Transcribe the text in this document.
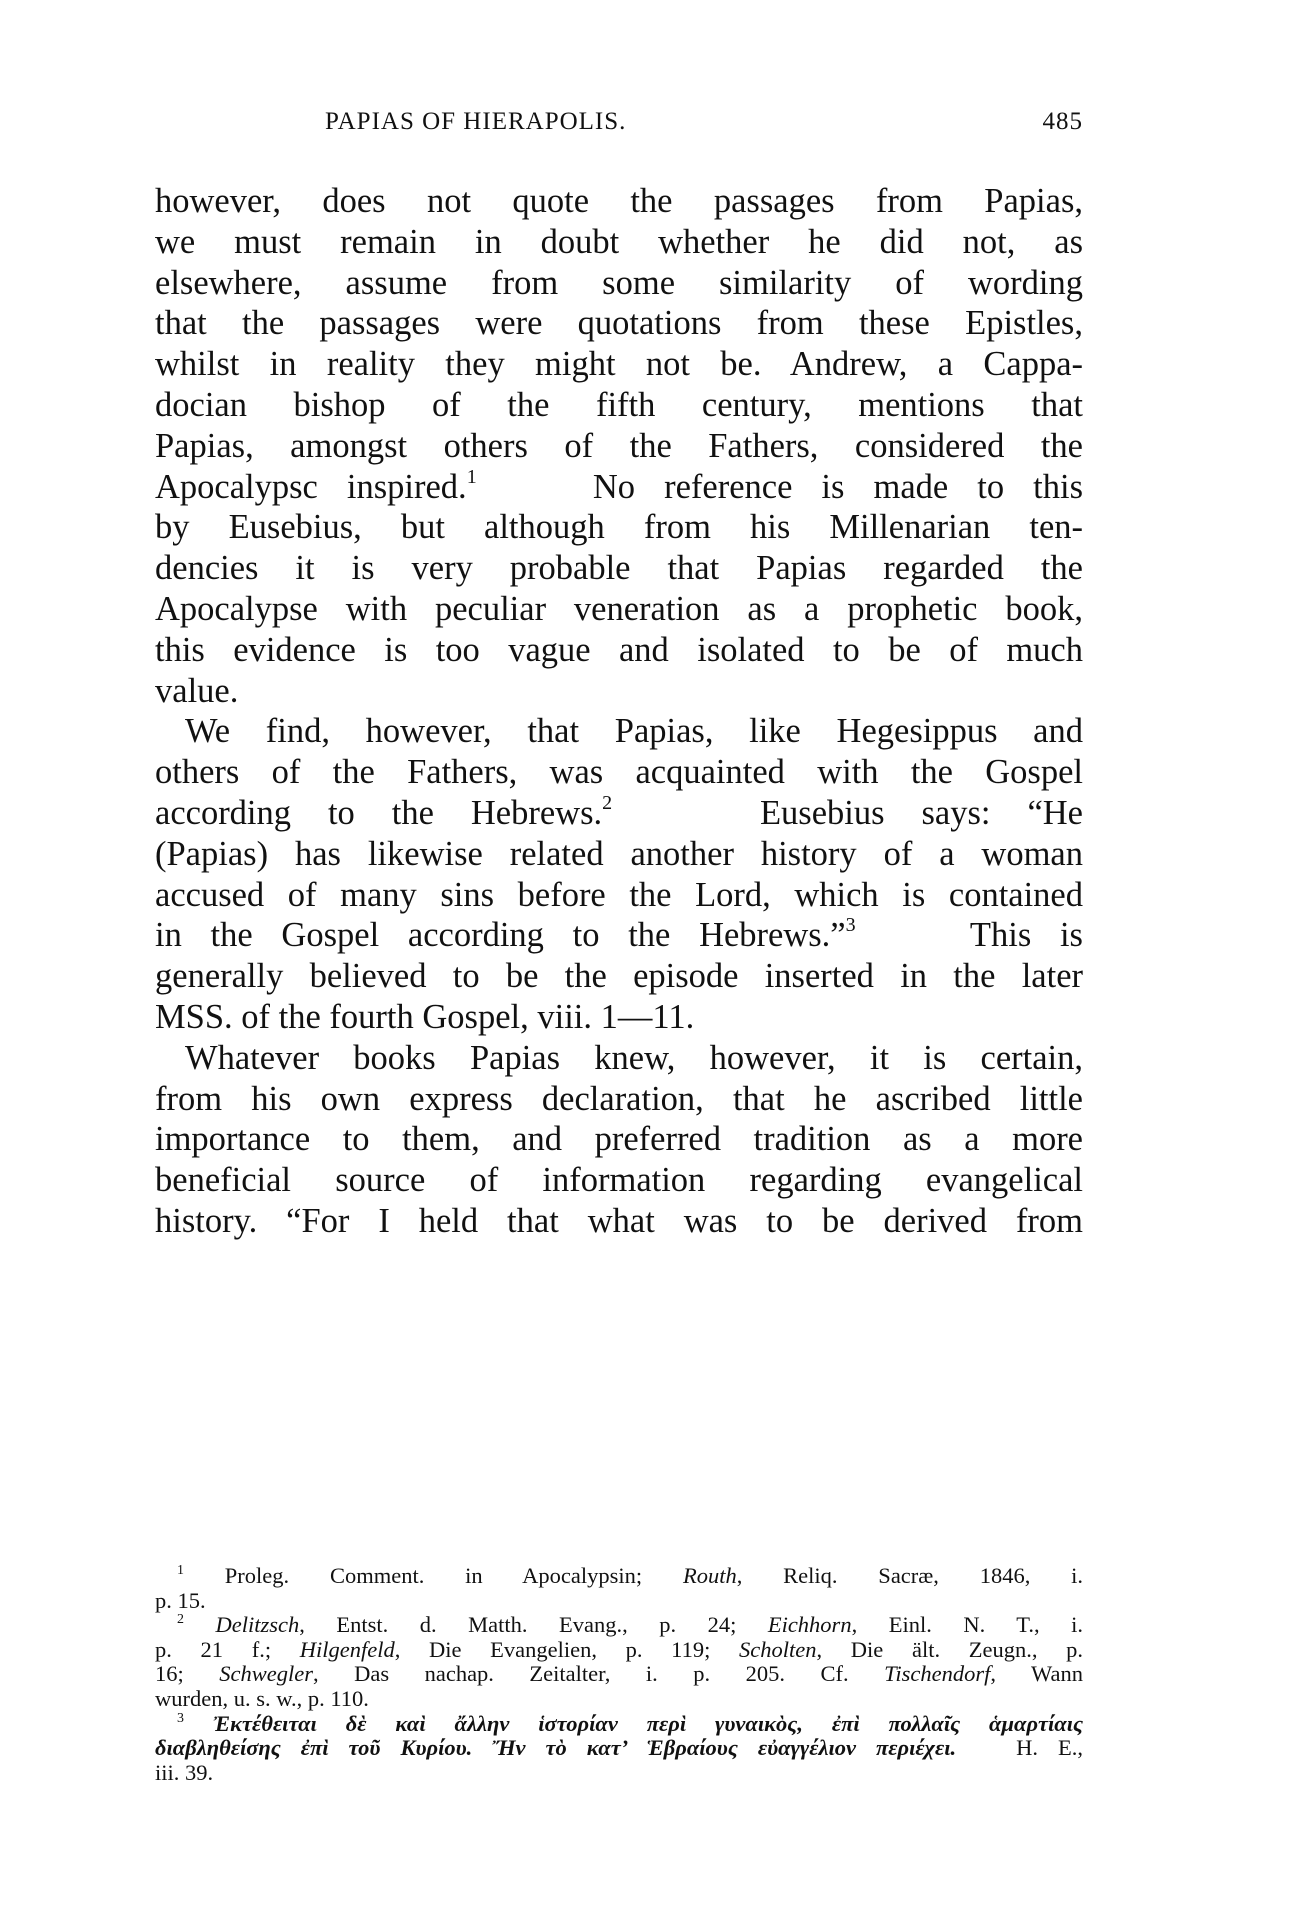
PAPIAS OF HIERAPOLIS.	485
however, does not quote the passages from Papias,
we must remain in doubt whether he did not, as
elsewhere, assume from some similarity of wording
that the passages were quotations from these Epistles,
whilst in reality they might not be. Andrew, a Cappa-
docian bishop of the fifth century, mentions that
Papias, amongst others of the Fathers, considered the
Apocalypsc inspired.$^1$	No reference is made to this
by Eusebius, but although from his Millenarian ten-
dencies it is very probable that Papias regarded the
Apocalypse with peculiar veneration as a prophetic book,
this evidence is too vague and isolated to be of much
value.
We find, however, that Papias, like Hegesippus and
others of the Fathers, was acquainted with the Gospel
according to the Hebrews.$^2$	Eusebius says: “He
(Papias) has likewise related another history of a woman
accused of many sins before the Lord, which is contained
in the Gospel according to the Hebrews.”$^3$	This is
generally believed to be the episode inserted in the later
MSS. of the fourth Gospel, viii. 1—11.
Whatever books Papias knew, however, it is certain,
from his own express declaration, that he ascribed little
importance to them, and preferred tradition as a more
beneficial source of information regarding evangelical
history. “For I held that what was to be derived from
$^1$ Proleg. Comment. in Apocalypsin; Routh, Reliq. Sacræ, 1846, i.
p. 15.
$^2$ Delitzsch, Entst. d. Matth. Evang., p. 24; Eichhorn, Einl. N. T., i.
p. 21 f.; Hilgenfeld, Die Evangelien, p. 119; Scholten, Die ält. Zeugn., p.
16; Schwegler, Das nachap. Zeitalter, i. p. 205. Cf. Tischendorf, Wann
wurden, u. s. w., p. 110.
$^3$ Ἐκτέθειται δὲ καὶ ἄλλην ἱστορίαν περὶ γυναικὸς, ἐπὶ πολλαῖς ἁμαρτίαις
διαβληθείσης ἐπὶ τοῦ Κυρίου. Ἤν τὸ κατ’ Ἑβραίους εὐαγγέλιον περιέχει.	H. E.,
iii. 39.
